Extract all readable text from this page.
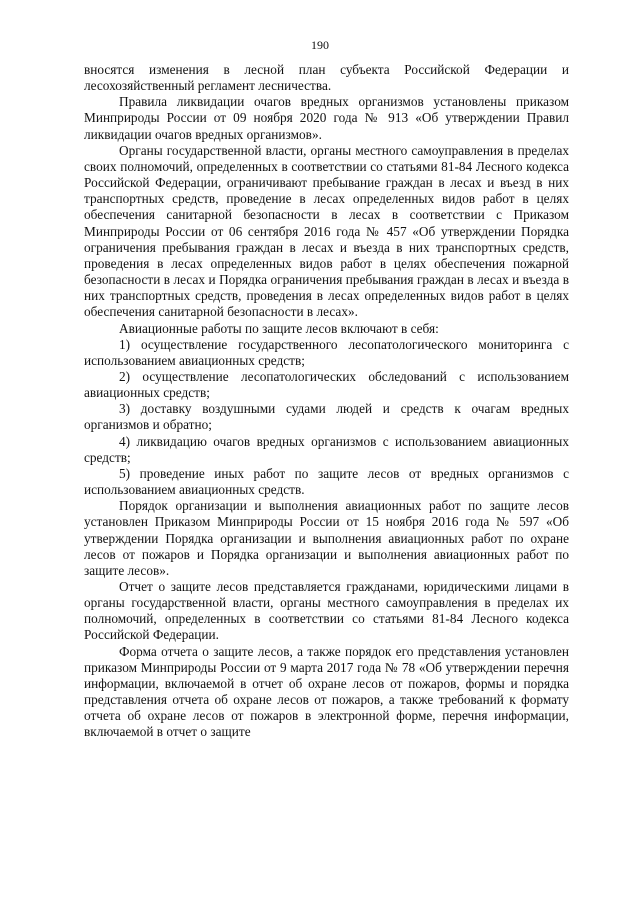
190

вносятся изменения в лесной план субъекта Российской Федерации и лесохозяйственный регламент лесничества.

Правила ликвидации очагов вредных организмов установлены приказом Минприроды России от 09 ноября 2020 года № 913 «Об утверждении Правил ликвидации очагов вредных организмов».

Органы государственной власти, органы местного самоуправления в пределах своих полномочий, определенных в соответствии со статьями 81-84 Лесного кодекса Российской Федерации, ограничивают пребывание граждан в лесах и въезд в них транспортных средств, проведение в лесах определенных видов работ в целях обеспечения санитарной безопасности в лесах в соответствии с Приказом Минприроды России от 06 сентября 2016 года № 457 «Об утверждении Порядка ограничения пребывания граждан в лесах и въезда в них транспортных средств, проведения в лесах определенных видов работ в целях обеспечения пожарной безопасности в лесах и Порядка ограничения пребывания граждан в лесах и въезда в них транспортных средств, проведения в лесах определенных видов работ в целях обеспечения санитарной безопасности в лесах».

Авиационные работы по защите лесов включают в себя:

1) осуществление государственного лесопатологического мониторинга с использованием авиационных средств;

2) осуществление лесопатологических обследований с использованием авиационных средств;

3) доставку воздушными судами людей и средств к очагам вредных организмов и обратно;

4) ликвидацию очагов вредных организмов с использованием авиационных средств;

5) проведение иных работ по защите лесов от вредных организмов с использованием авиационных средств.

Порядок организации и выполнения авиационных работ по защите лесов установлен Приказом Минприроды России от 15 ноября 2016 года № 597 «Об утверждении Порядка организации и выполнения авиационных работ по охране лесов от пожаров и Порядка организации и выполнения авиационных работ по защите лесов».

Отчет о защите лесов представляется гражданами, юридическими лицами в органы государственной власти, органы местного самоуправления в пределах их полномочий, определенных в соответствии со статьями 81-84 Лесного кодекса Российской Федерации.

Форма отчета о защите лесов, а также порядок его представления установлен приказом Минприроды России от 9 марта 2017 года № 78 «Об утверждении перечня информации, включаемой в отчет об охране лесов от пожаров, формы и порядка представления отчета об охране лесов от пожаров, а также требований к формату отчета об охране лесов от пожаров в электронной форме, перечня информации, включаемой в отчет о защите
